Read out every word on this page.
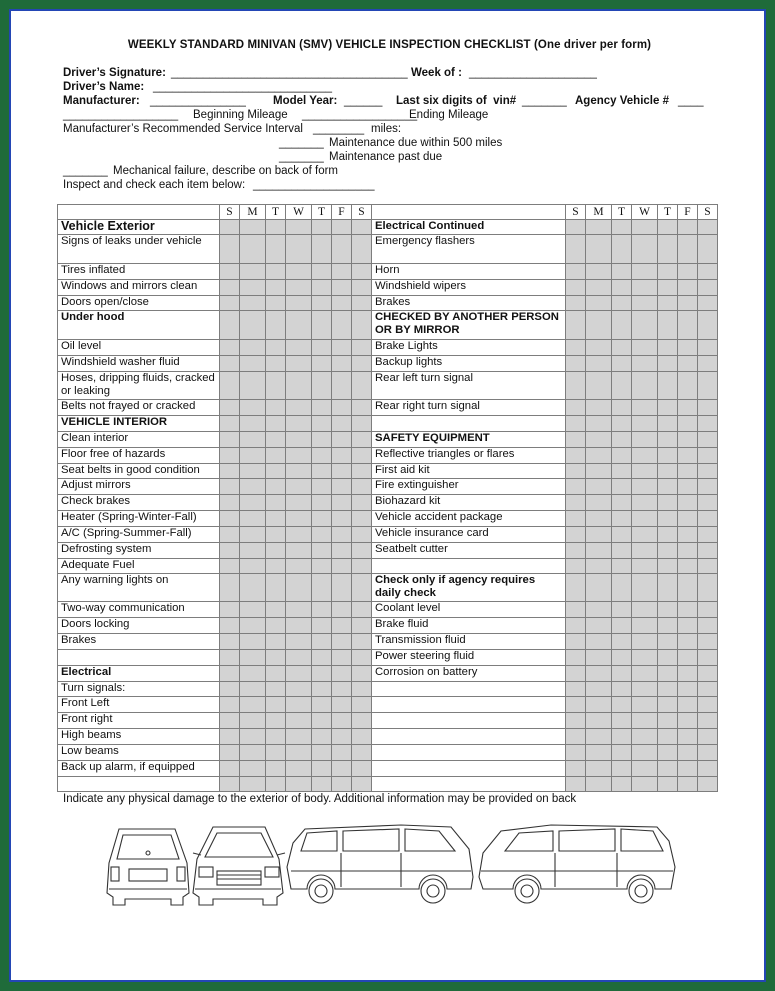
WEEKLY STANDARD MINIVAN (SMV) VEHICLE INSPECTION CHECKLIST (One driver per form)
Driver’s Signature: _____________________________________ Week of : ____________________
Driver’s Name: ____________________________
Manufacturer: _______________ Model Year: ______ Last six digits of  vin# _______ Agency Vehicle # ____
__________________ Beginning Mileage __________________
Ending Mileage
Manufacturer’s Recommended Service Interval ________ miles:
_______ Maintenance due within 500 miles
_______ Maintenance past due
_______ Mechanical failure, describe on back of form
Inspect and check each item below: ___________________
	S	M	T	W	T	F	S		S	M	T	W	T	F	S
Vehicle Exterior								Electrical Continued							
Signs of leaks under vehicle								Emergency flashers							
Tires inflated								Horn							
Windows and mirrors clean								Windshield wipers							
Doors open/close								Brakes							
Under hood								CHECKED BY ANOTHER PERSON OR BY MIRROR							
Oil level								Brake Lights							
Windshield washer fluid								Backup lights							
Hoses, dripping fluids, cracked or leaking								Rear left turn signal							
Belts not frayed or cracked								Rear right turn signal							
VEHICLE INTERIOR															
Clean interior								SAFETY EQUIPMENT							
Floor free of hazards								Reflective triangles or flares							
Seat belts in good condition								First aid kit							
Adjust mirrors								Fire extinguisher							
Check brakes								Biohazard kit							
Heater (Spring-Winter-Fall)								Vehicle accident package							
A/C (Spring-Summer-Fall)								Vehicle insurance card							
Defrosting system								Seatbelt cutter							
Adequate Fuel															
Any warning lights on								Check only if agency requires daily check							
Two-way communication								Coolant level							
Doors locking								Brake fluid							
Brakes								Transmission fluid							
								Power steering fluid							
Electrical								Corrosion on battery							
Turn signals:															
Front Left															
Front right															
High beams															
Low beams															
Back up alarm, if equipped															

Indicate any physical damage to the exterior of body. Additional information may be provided on back
